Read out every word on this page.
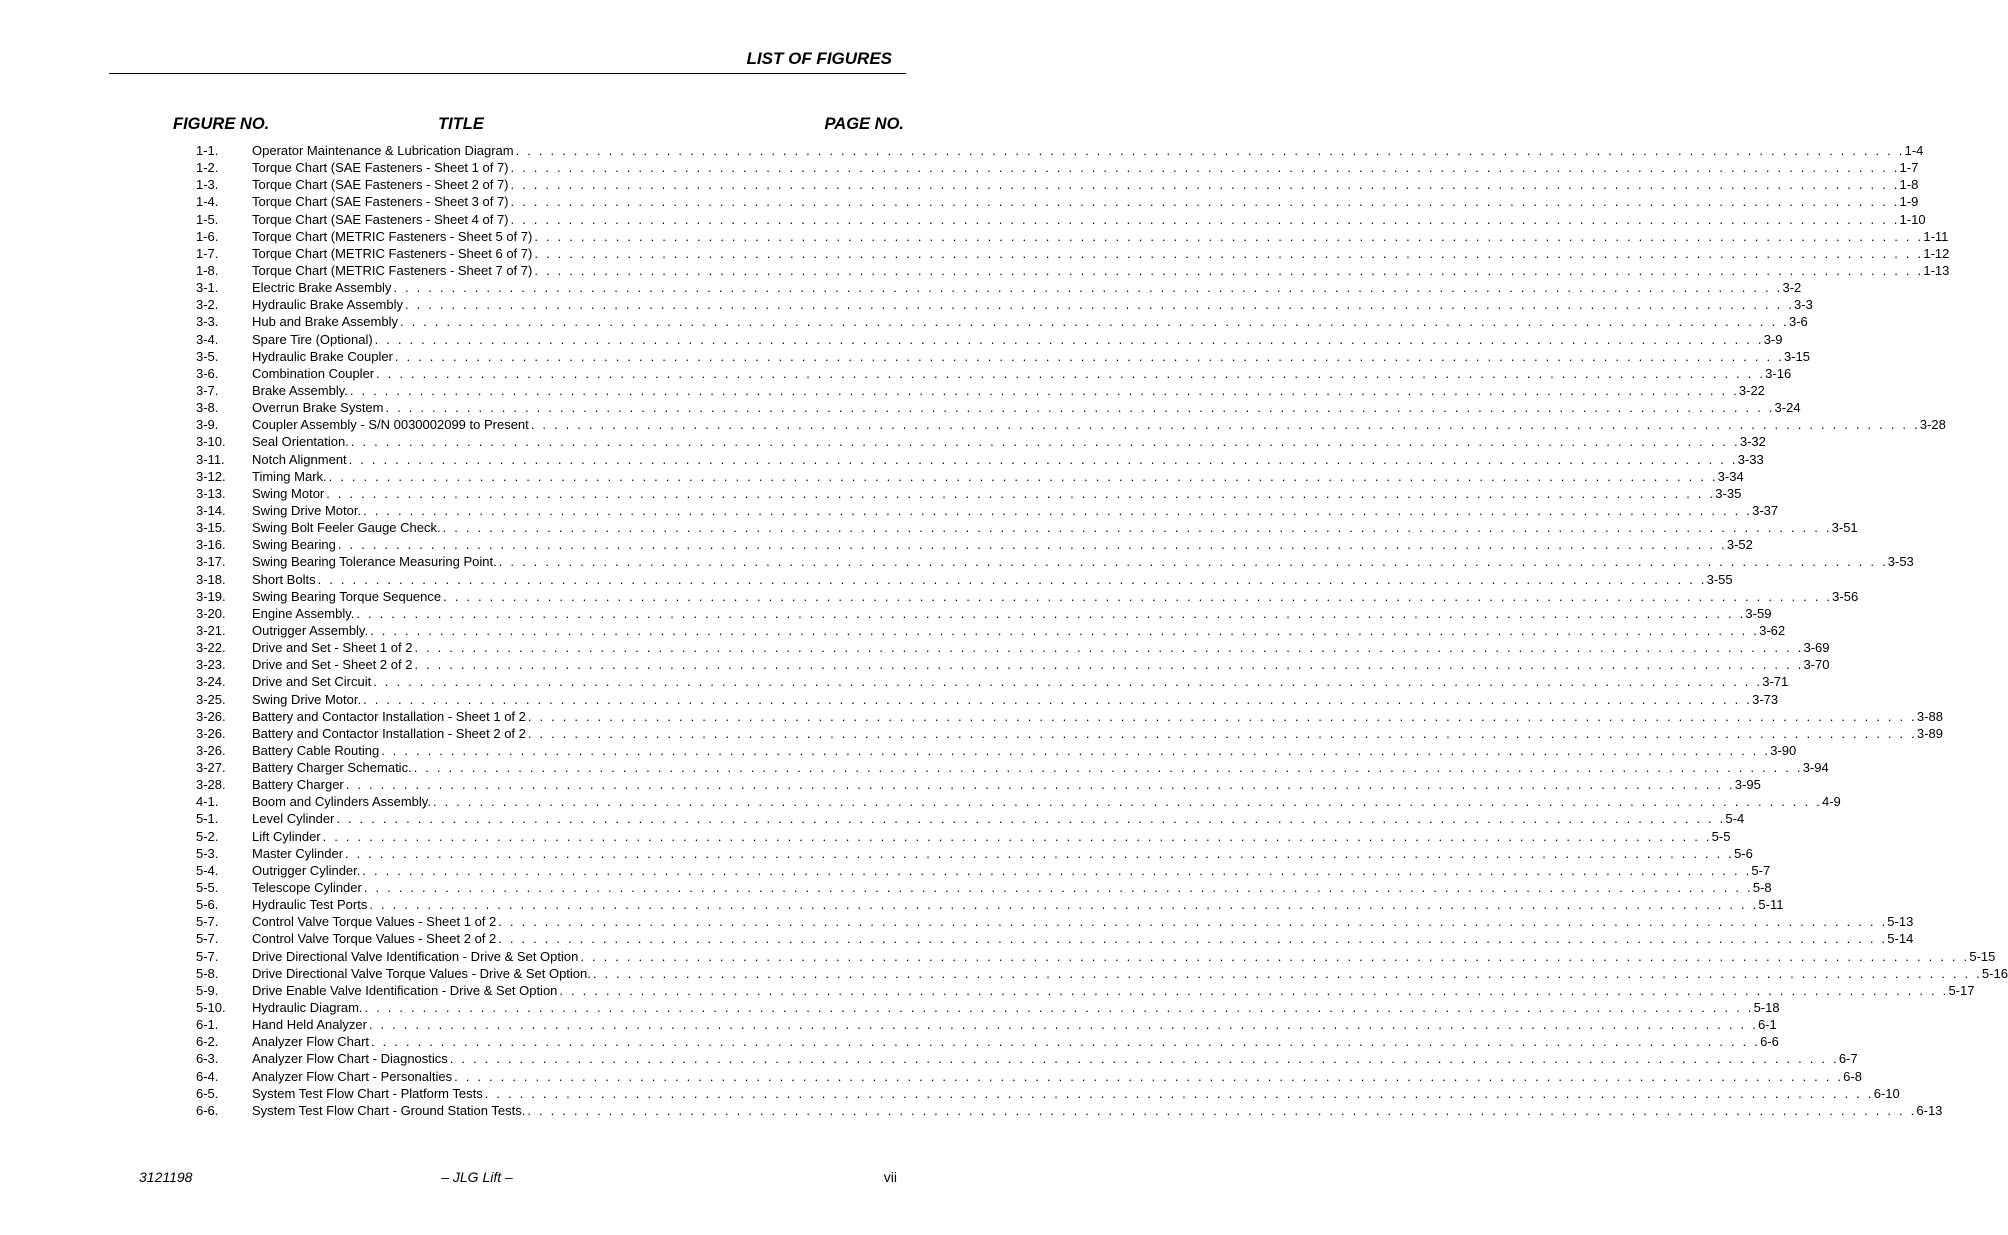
LIST OF FIGURES
FIGURE NO.	TITLE	PAGE NO.
1-1.	Operator Maintenance & Lubrication Diagram . . . . . . . . . . . . . . . . . . . . . . . . . . . . . . . . . . . . . . . . . . . . . . . . . . . . . . . . . . . . . . . . . . . . . . . . . . . . . . . . . . . . . . . . . . . . . . . . . . . . . . . . . . . . . . . . . . . . . . . . 1-4
1-2.	Torque Chart (SAE Fasteners - Sheet 1 of 7) . . . . . . . . . . . . . . . . . . . . . . . . . . . . . . . . . . . . . . . . . . . . . . . . . . . . . . . . . . . . . . . . . . . . . . . . . . . . . . . . . . . . . . . . . . . . . . . . . . . . . . . . . . . . . . . . . . . . . . . . 1-7
1-3.	Torque Chart (SAE Fasteners - Sheet 2 of 7) . . . . . . . . . . . . . . . . . . . . . . . . . . . . . . . . . . . . . . . . . . . . . . . . . . . . . . . . . . . . . . . . . . . . . . . . . . . . . . . . . . . . . . . . . . . . . . . . . . . . . . . . . . . . . . . . . . . . . . . . 1-8
1-4.	Torque Chart (SAE Fasteners - Sheet 3 of 7) . . . . . . . . . . . . . . . . . . . . . . . . . . . . . . . . . . . . . . . . . . . . . . . . . . . . . . . . . . . . . . . . . . . . . . . . . . . . . . . . . . . . . . . . . . . . . . . . . . . . . . . . . . . . . . . . . . . . . . . . 1-9
1-5.	Torque Chart (SAE Fasteners - Sheet 4 of 7) . . . . . . . . . . . . . . . . . . . . . . . . . . . . . . . . . . . . . . . . . . . . . . . . . . . . . . . . . . . . . . . . . . . . . . . . . . . . . . . . . . . . . . . . . . . . . . . . . . . . . . . . . . . . . . . . . . . . . . . . 1-10
1-6.	Torque Chart (METRIC Fasteners - Sheet 5 of 7) . . . . . . . . . . . . . . . . . . . . . . . . . . . . . . . . . . . . . . . . . . . . . . . . . . . . . . . . . . . . . . . . . . . . . . . . . . . . . . . . . . . . . . . . . . . . . . . . . . . . . . . . . . . . . . . . . . . . . . . . 1-11
1-7.	Torque Chart (METRIC Fasteners - Sheet 6 of 7) . . . . . . . . . . . . . . . . . . . . . . . . . . . . . . . . . . . . . . . . . . . . . . . . . . . . . . . . . . . . . . . . . . . . . . . . . . . . . . . . . . . . . . . . . . . . . . . . . . . . . . . . . . . . . . . . . . . . . . . . 1-12
1-8.	Torque Chart (METRIC Fasteners - Sheet 7 of 7) . . . . . . . . . . . . . . . . . . . . . . . . . . . . . . . . . . . . . . . . . . . . . . . . . . . . . . . . . . . . . . . . . . . . . . . . . . . . . . . . . . . . . . . . . . . . . . . . . . . . . . . . . . . . . . . . . . . . . . . . 1-13
3-1.	Electric Brake Assembly . . . . . . . . . . . . . . . . . . . . . . . . . . . . . . . . . . . . . . . . . . . . . . . . . . . . . . . . . . . . . . . . . . . . . . . . . . . . . . . . . . . . . . . . . . . . . . . . . . . . . . . . . . . . . . . . . . . . . . . . 3-2
3-2.	Hydraulic Brake Assembly . . . . . . . . . . . . . . . . . . . . . . . . . . . . . . . . . . . . . . . . . . . . . . . . . . . . . . . . . . . . . . . . . . . . . . . . . . . . . . . . . . . . . . . . . . . . . . . . . . . . . . . . . . . . . . . . . . . . . . . . 3-3
3-3.	Hub and Brake Assembly . . . . . . . . . . . . . . . . . . . . . . . . . . . . . . . . . . . . . . . . . . . . . . . . . . . . . . . . . . . . . . . . . . . . . . . . . . . . . . . . . . . . . . . . . . . . . . . . . . . . . . . . . . . . . . . . . . . . . . . . 3-6
3-4.	Spare Tire (Optional) . . . . . . . . . . . . . . . . . . . . . . . . . . . . . . . . . . . . . . . . . . . . . . . . . . . . . . . . . . . . . . . . . . . . . . . . . . . . . . . . . . . . . . . . . . . . . . . . . . . . . . . . . . . . . . . . . . . . . . . . 3-9
3-5.	Hydraulic Brake Coupler . . . . . . . . . . . . . . . . . . . . . . . . . . . . . . . . . . . . . . . . . . . . . . . . . . . . . . . . . . . . . . . . . . . . . . . . . . . . . . . . . . . . . . . . . . . . . . . . . . . . . . . . . . . . . . . . . . . . . . . . 3-15
3-6.	Combination Coupler . . . . . . . . . . . . . . . . . . . . . . . . . . . . . . . . . . . . . . . . . . . . . . . . . . . . . . . . . . . . . . . . . . . . . . . . . . . . . . . . . . . . . . . . . . . . . . . . . . . . . . . . . . . . . . . . . . . . . . . . 3-16
3-7.	Brake Assembly. . . . . . . . . . . . . . . . . . . . . . . . . . . . . . . . . . . . . . . . . . . . . . . . . . . . . . . . . . . . . . . . . . . . . . . . . . . . . . . . . . . . . . . . . . . . . . . . . . . . . . . . . . . . . . . . . . . . . . . . . 3-22
3-8.	Overrun Brake System . . . . . . . . . . . . . . . . . . . . . . . . . . . . . . . . . . . . . . . . . . . . . . . . . . . . . . . . . . . . . . . . . . . . . . . . . . . . . . . . . . . . . . . . . . . . . . . . . . . . . . . . . . . . . . . . . . . . . . . . 3-24
3-9.	Coupler Assembly - S/N 0030002099 to Present . . . . . . . . . . . . . . . . . . . . . . . . . . . . . . . . . . . . . . . . . . . . . . . . . . . . . . . . . . . . . . . . . . . . . . . . . . . . . . . . . . . . . . . . . . . . . . . . . . . . . . . . . . . . . . . . . . . . . . . . 3-28
3-10.	Seal Orientation. . . . . . . . . . . . . . . . . . . . . . . . . . . . . . . . . . . . . . . . . . . . . . . . . . . . . . . . . . . . . . . . . . . . . . . . . . . . . . . . . . . . . . . . . . . . . . . . . . . . . . . . . . . . . . . . . . . . . . . . . 3-32
3-11.	Notch Alignment . . . . . . . . . . . . . . . . . . . . . . . . . . . . . . . . . . . . . . . . . . . . . . . . . . . . . . . . . . . . . . . . . . . . . . . . . . . . . . . . . . . . . . . . . . . . . . . . . . . . . . . . . . . . . . . . . . . . . . . . 3-33
3-12.	Timing Mark. . . . . . . . . . . . . . . . . . . . . . . . . . . . . . . . . . . . . . . . . . . . . . . . . . . . . . . . . . . . . . . . . . . . . . . . . . . . . . . . . . . . . . . . . . . . . . . . . . . . . . . . . . . . . . . . . . . . . . . . . 3-34
3-13.	Swing Motor . . . . . . . . . . . . . . . . . . . . . . . . . . . . . . . . . . . . . . . . . . . . . . . . . . . . . . . . . . . . . . . . . . . . . . . . . . . . . . . . . . . . . . . . . . . . . . . . . . . . . . . . . . . . . . . . . . . . . . . . 3-35
3-14.	Swing Drive Motor. . . . . . . . . . . . . . . . . . . . . . . . . . . . . . . . . . . . . . . . . . . . . . . . . . . . . . . . . . . . . . . . . . . . . . . . . . . . . . . . . . . . . . . . . . . . . . . . . . . . . . . . . . . . . . . . . . . . . . . . . 3-37
3-15.	Swing Bolt Feeler Gauge Check. . . . . . . . . . . . . . . . . . . . . . . . . . . . . . . . . . . . . . . . . . . . . . . . . . . . . . . . . . . . . . . . . . . . . . . . . . . . . . . . . . . . . . . . . . . . . . . . . . . . . . . . . . . . . . . . . . . . . . . . . 3-51
3-16.	Swing Bearing . . . . . . . . . . . . . . . . . . . . . . . . . . . . . . . . . . . . . . . . . . . . . . . . . . . . . . . . . . . . . . . . . . . . . . . . . . . . . . . . . . . . . . . . . . . . . . . . . . . . . . . . . . . . . . . . . . . . . . . . 3-52
3-17.	Swing Bearing Tolerance Measuring Point. . . . . . . . . . . . . . . . . . . . . . . . . . . . . . . . . . . . . . . . . . . . . . . . . . . . . . . . . . . . . . . . . . . . . . . . . . . . . . . . . . . . . . . . . . . . . . . . . . . . . . . . . . . . . . . . . . . . . . . . . 3-53
3-18.	Short Bolts . . . . . . . . . . . . . . . . . . . . . . . . . . . . . . . . . . . . . . . . . . . . . . . . . . . . . . . . . . . . . . . . . . . . . . . . . . . . . . . . . . . . . . . . . . . . . . . . . . . . . . . . . . . . . . . . . . . . . . . . 3-55
3-19.	Swing Bearing Torque Sequence . . . . . . . . . . . . . . . . . . . . . . . . . . . . . . . . . . . . . . . . . . . . . . . . . . . . . . . . . . . . . . . . . . . . . . . . . . . . . . . . . . . . . . . . . . . . . . . . . . . . . . . . . . . . . . . . . . . . . . . . 3-56
3-20.	Engine Assembly. . . . . . . . . . . . . . . . . . . . . . . . . . . . . . . . . . . . . . . . . . . . . . . . . . . . . . . . . . . . . . . . . . . . . . . . . . . . . . . . . . . . . . . . . . . . . . . . . . . . . . . . . . . . . . . . . . . . . . . . . 3-59
3-21.	Outrigger Assembly. . . . . . . . . . . . . . . . . . . . . . . . . . . . . . . . . . . . . . . . . . . . . . . . . . . . . . . . . . . . . . . . . . . . . . . . . . . . . . . . . . . . . . . . . . . . . . . . . . . . . . . . . . . . . . . . . . . . . . . . . 3-62
3-22.	Drive and Set - Sheet 1 of 2 . . . . . . . . . . . . . . . . . . . . . . . . . . . . . . . . . . . . . . . . . . . . . . . . . . . . . . . . . . . . . . . . . . . . . . . . . . . . . . . . . . . . . . . . . . . . . . . . . . . . . . . . . . . . . . . . . . . . . . . . 3-69
3-23.	Drive and Set - Sheet 2 of 2 . . . . . . . . . . . . . . . . . . . . . . . . . . . . . . . . . . . . . . . . . . . . . . . . . . . . . . . . . . . . . . . . . . . . . . . . . . . . . . . . . . . . . . . . . . . . . . . . . . . . . . . . . . . . . . . . . . . . . . . . 3-70
3-24.	Drive and Set Circuit . . . . . . . . . . . . . . . . . . . . . . . . . . . . . . . . . . . . . . . . . . . . . . . . . . . . . . . . . . . . . . . . . . . . . . . . . . . . . . . . . . . . . . . . . . . . . . . . . . . . . . . . . . . . . . . . . . . . . . . . 3-71
3-25.	Swing Drive Motor. . . . . . . . . . . . . . . . . . . . . . . . . . . . . . . . . . . . . . . . . . . . . . . . . . . . . . . . . . . . . . . . . . . . . . . . . . . . . . . . . . . . . . . . . . . . . . . . . . . . . . . . . . . . . . . . . . . . . . . . . 3-73
3-26.	Battery and Contactor Installation - Sheet 1 of 2 . . . . . . . . . . . . . . . . . . . . . . . . . . . . . . . . . . . . . . . . . . . . . . . . . . . . . . . . . . . . . . . . . . . . . . . . . . . . . . . . . . . . . . . . . . . . . . . . . . . . . . . . . . . . . . . . . . . . . . . . 3-88
3-26.	Battery and Contactor Installation - Sheet 2 of 2 . . . . . . . . . . . . . . . . . . . . . . . . . . . . . . . . . . . . . . . . . . . . . . . . . . . . . . . . . . . . . . . . . . . . . . . . . . . . . . . . . . . . . . . . . . . . . . . . . . . . . . . . . . . . . . . . . . . . . . . . 3-89
3-26.	Battery Cable Routing . . . . . . . . . . . . . . . . . . . . . . . . . . . . . . . . . . . . . . . . . . . . . . . . . . . . . . . . . . . . . . . . . . . . . . . . . . . . . . . . . . . . . . . . . . . . . . . . . . . . . . . . . . . . . . . . . . . . . . . . 3-90
3-27.	Battery Charger Schematic. . . . . . . . . . . . . . . . . . . . . . . . . . . . . . . . . . . . . . . . . . . . . . . . . . . . . . . . . . . . . . . . . . . . . . . . . . . . . . . . . . . . . . . . . . . . . . . . . . . . . . . . . . . . . . . . . . . . . . . . . 3-94
3-28.	Battery Charger . . . . . . . . . . . . . . . . . . . . . . . . . . . . . . . . . . . . . . . . . . . . . . . . . . . . . . . . . . . . . . . . . . . . . . . . . . . . . . . . . . . . . . . . . . . . . . . . . . . . . . . . . . . . . . . . . . . . . . . . 3-95
4-1.	Boom and Cylinders Assembly. . . . . . . . . . . . . . . . . . . . . . . . . . . . . . . . . . . . . . . . . . . . . . . . . . . . . . . . . . . . . . . . . . . . . . . . . . . . . . . . . . . . . . . . . . . . . . . . . . . . . . . . . . . . . . . . . . . . . . . . . 4-9
5-1.	Level Cylinder . . . . . . . . . . . . . . . . . . . . . . . . . . . . . . . . . . . . . . . . . . . . . . . . . . . . . . . . . . . . . . . . . . . . . . . . . . . . . . . . . . . . . . . . . . . . . . . . . . . . . . . . . . . . . . . . . . . . . . . . 5-4
5-2.	Lift Cylinder . . . . . . . . . . . . . . . . . . . . . . . . . . . . . . . . . . . . . . . . . . . . . . . . . . . . . . . . . . . . . . . . . . . . . . . . . . . . . . . . . . . . . . . . . . . . . . . . . . . . . . . . . . . . . . . . . . . . . . . . 5-5
5-3.	Master Cylinder . . . . . . . . . . . . . . . . . . . . . . . . . . . . . . . . . . . . . . . . . . . . . . . . . . . . . . . . . . . . . . . . . . . . . . . . . . . . . . . . . . . . . . . . . . . . . . . . . . . . . . . . . . . . . . . . . . . . . . . . 5-6
5-4.	Outrigger Cylinder. . . . . . . . . . . . . . . . . . . . . . . . . . . . . . . . . . . . . . . . . . . . . . . . . . . . . . . . . . . . . . . . . . . . . . . . . . . . . . . . . . . . . . . . . . . . . . . . . . . . . . . . . . . . . . . . . . . . . . . . . 5-7
5-5.	Telescope Cylinder . . . . . . . . . . . . . . . . . . . . . . . . . . . . . . . . . . . . . . . . . . . . . . . . . . . . . . . . . . . . . . . . . . . . . . . . . . . . . . . . . . . . . . . . . . . . . . . . . . . . . . . . . . . . . . . . . . . . . . . . 5-8
5-6.	Hydraulic Test Ports . . . . . . . . . . . . . . . . . . . . . . . . . . . . . . . . . . . . . . . . . . . . . . . . . . . . . . . . . . . . . . . . . . . . . . . . . . . . . . . . . . . . . . . . . . . . . . . . . . . . . . . . . . . . . . . . . . . . . . . . 5-11
5-7.	Control Valve Torque Values - Sheet 1 of 2 . . . . . . . . . . . . . . . . . . . . . . . . . . . . . . . . . . . . . . . . . . . . . . . . . . . . . . . . . . . . . . . . . . . . . . . . . . . . . . . . . . . . . . . . . . . . . . . . . . . . . . . . . . . . . . . . . . . . . . . . 5-13
5-7.	Control Valve Torque Values - Sheet 2 of 2 . . . . . . . . . . . . . . . . . . . . . . . . . . . . . . . . . . . . . . . . . . . . . . . . . . . . . . . . . . . . . . . . . . . . . . . . . . . . . . . . . . . . . . . . . . . . . . . . . . . . . . . . . . . . . . . . . . . . . . . . 5-14
5-7.	Drive Directional Valve Identification - Drive & Set Option . . . . . . . . . . . . . . . . . . . . . . . . . . . . . . . . . . . . . . . . . . . . . . . . . . . . . . . . . . . . . . . . . . . . . . . . . . . . . . . . . . . . . . . . . . . . . . . . . . . . . . . . . . . . . . . . . . . . . . . . 5-15
5-8.	Drive Directional Valve Torque Values - Drive & Set Option. . . . . . . . . . . . . . . . . . . . . . . . . . . . . . . . . . . . . . . . . . . . . . . . . . . . . . . . . . . . . . . . . . . . . . . . . . . . . . . . . . . . . . . . . . . . . . . . . . . . . . . . . . . . . . . . . . . . . . . . . 5-16
5-9.	Drive Enable Valve Identification - Drive & Set Option . . . . . . . . . . . . . . . . . . . . . . . . . . . . . . . . . . . . . . . . . . . . . . . . . . . . . . . . . . . . . . . . . . . . . . . . . . . . . . . . . . . . . . . . . . . . . . . . . . . . . . . . . . . . . . . . . . . . . . . . 5-17
5-10.	Hydraulic Diagram. . . . . . . . . . . . . . . . . . . . . . . . . . . . . . . . . . . . . . . . . . . . . . . . . . . . . . . . . . . . . . . . . . . . . . . . . . . . . . . . . . . . . . . . . . . . . . . . . . . . . . . . . . . . . . . . . . . . . . . . . 5-18
6-1.	Hand Held Analyzer . . . . . . . . . . . . . . . . . . . . . . . . . . . . . . . . . . . . . . . . . . . . . . . . . . . . . . . . . . . . . . . . . . . . . . . . . . . . . . . . . . . . . . . . . . . . . . . . . . . . . . . . . . . . . . . . . . . . . . . . 6-1
6-2.	Analyzer Flow Chart . . . . . . . . . . . . . . . . . . . . . . . . . . . . . . . . . . . . . . . . . . . . . . . . . . . . . . . . . . . . . . . . . . . . . . . . . . . . . . . . . . . . . . . . . . . . . . . . . . . . . . . . . . . . . . . . . . . . . . . . 6-6
6-3.	Analyzer Flow Chart - Diagnostics . . . . . . . . . . . . . . . . . . . . . . . . . . . . . . . . . . . . . . . . . . . . . . . . . . . . . . . . . . . . . . . . . . . . . . . . . . . . . . . . . . . . . . . . . . . . . . . . . . . . . . . . . . . . . . . . . . . . . . . . 6-7
6-4.	Analyzer Flow Chart - Personalties . . . . . . . . . . . . . . . . . . . . . . . . . . . . . . . . . . . . . . . . . . . . . . . . . . . . . . . . . . . . . . . . . . . . . . . . . . . . . . . . . . . . . . . . . . . . . . . . . . . . . . . . . . . . . . . . . . . . . . . . 6-8
6-5.	System Test Flow Chart - Platform Tests . . . . . . . . . . . . . . . . . . . . . . . . . . . . . . . . . . . . . . . . . . . . . . . . . . . . . . . . . . . . . . . . . . . . . . . . . . . . . . . . . . . . . . . . . . . . . . . . . . . . . . . . . . . . . . . . . . . . . . . . 6-10
6-6.	System Test Flow Chart - Ground Station Tests. . . . . . . . . . . . . . . . . . . . . . . . . . . . . . . . . . . . . . . . . . . . . . . . . . . . . . . . . . . . . . . . . . . . . . . . . . . . . . . . . . . . . . . . . . . . . . . . . . . . . . . . . . . . . . . . . . . . . . . . . 6-13
3121198	– JLG Lift –	vii
